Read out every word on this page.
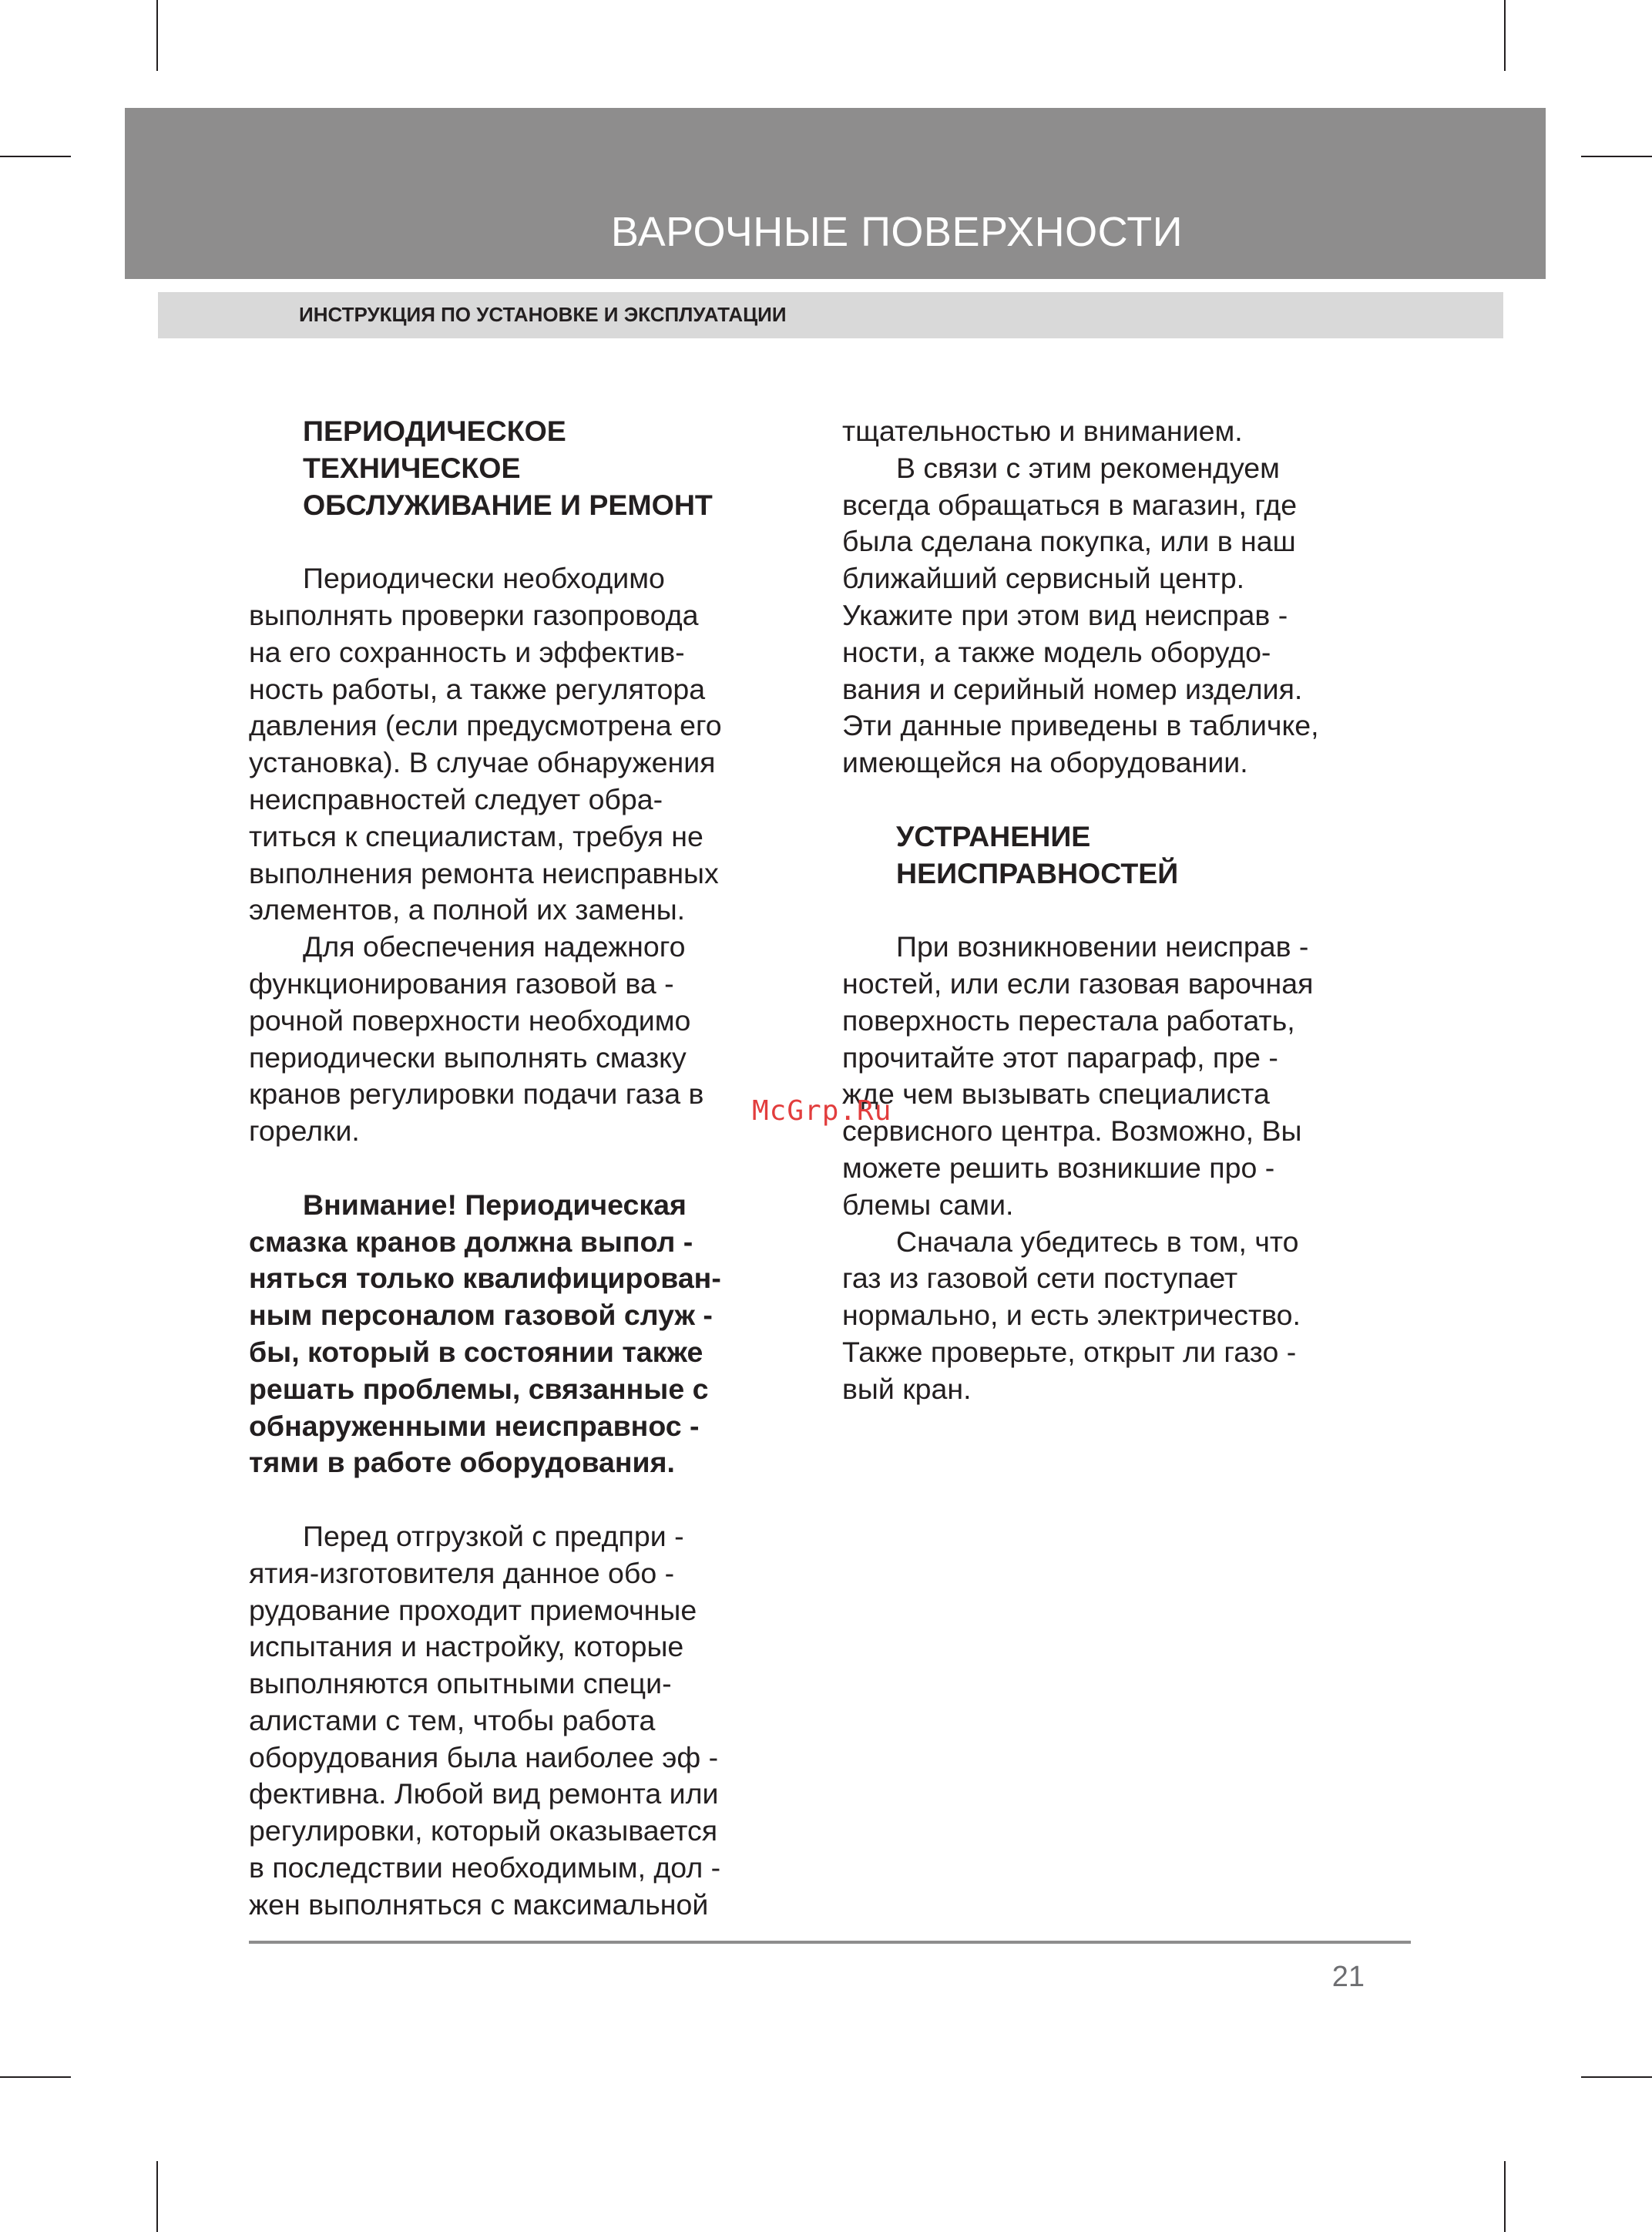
ВАРОЧНЫЕ ПОВЕРХНОСТИ
ИНСТРУКЦИЯ ПО УСТАНОВКЕ И ЭКСПЛУАТАЦИИ
ПЕРИОДИЧЕСКОЕ
ТЕХНИЧЕСКОЕ
ОБСЛУЖИВАНИЕ И РЕМОНТ
Периодически необходимо
выполнять проверки газопровода
на его сохранность и эффектив-
ность работы, а также регулятора
давления (если предусмотрена его
установка). В случае обнаружения
неисправностей следует обра-
титься к специалистам, требуя не
выполнения ремонта неисправных
элементов, а полной их замены.
Для обеспечения надежного
функционирования газовой ва -
рочной поверхности необходимо
периодически выполнять смазку
кранов регулировки подачи газа в
горелки.
Внимание! Периодическая
смазка кранов должна выпол -
няться только квалифицирован-
ным персоналом газовой служ -
бы, который в состоянии также
решать проблемы, связанные с
обнаруженными неисправнос -
тями в работе оборудования.
Перед отгрузкой с предпри -
ятия-изготовителя данное обо -
рудование проходит приемочные
испытания и настройку, которые
выполняются опытными специ-
алистами с тем, чтобы работа
оборудования была наиболее эф -
фективна. Любой вид ремонта или
регулировки, который оказывается
в последствии необходимым, дол -
жен выполняться с максимальной
тщательностью и вниманием.
В связи с этим рекомендуем
всегда обращаться в магазин, где
была сделана покупка, или в наш
ближайший сервисный центр.
Укажите при этом вид неисправ -
ности, а также модель оборудо-
вания и серийный номер изделия.
Эти данные приведены в табличке,
имеющейся на оборудовании.
УСТРАНЕНИЕ
НЕИСПРАВНОСТЕЙ
При возникновении неисправ -
ностей, или если газовая варочная
поверхность перестала работать,
прочитайте этот параграф, пре -
жде чем вызывать специалиста
сервисного центра. Возможно, Вы
можете решить возникшие про -
блемы сами.
Сначала убедитесь в том, что
газ из газовой сети поступает
нормально, и есть электричество.
Также проверьте, открыт ли газо -
вый кран.
McGrp.Ru
21
